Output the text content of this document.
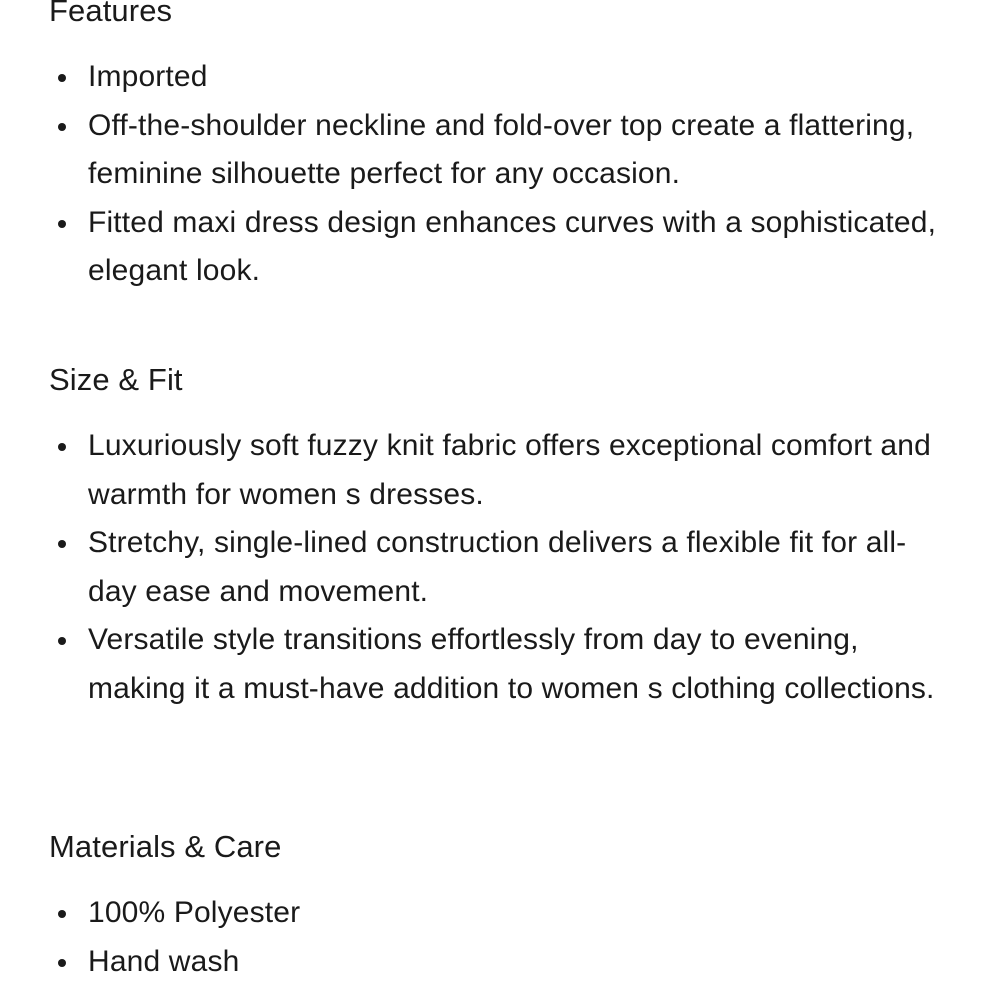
Features
Imported
Off-the-shoulder neckline and fold-over top create a flattering, feminine silhouette perfect for any occasion.
Fitted maxi dress design enhances curves with a sophisticated, elegant look.
Size & Fit
Luxuriously soft fuzzy knit fabric offers exceptional comfort and warmth for women s dresses.
Stretchy, single-lined construction delivers a flexible fit for all-day ease and movement.
Versatile style transitions effortlessly from day to evening, making it a must-have addition to women s clothing collections.
Materials & Care
100% Polyester
Hand wash
